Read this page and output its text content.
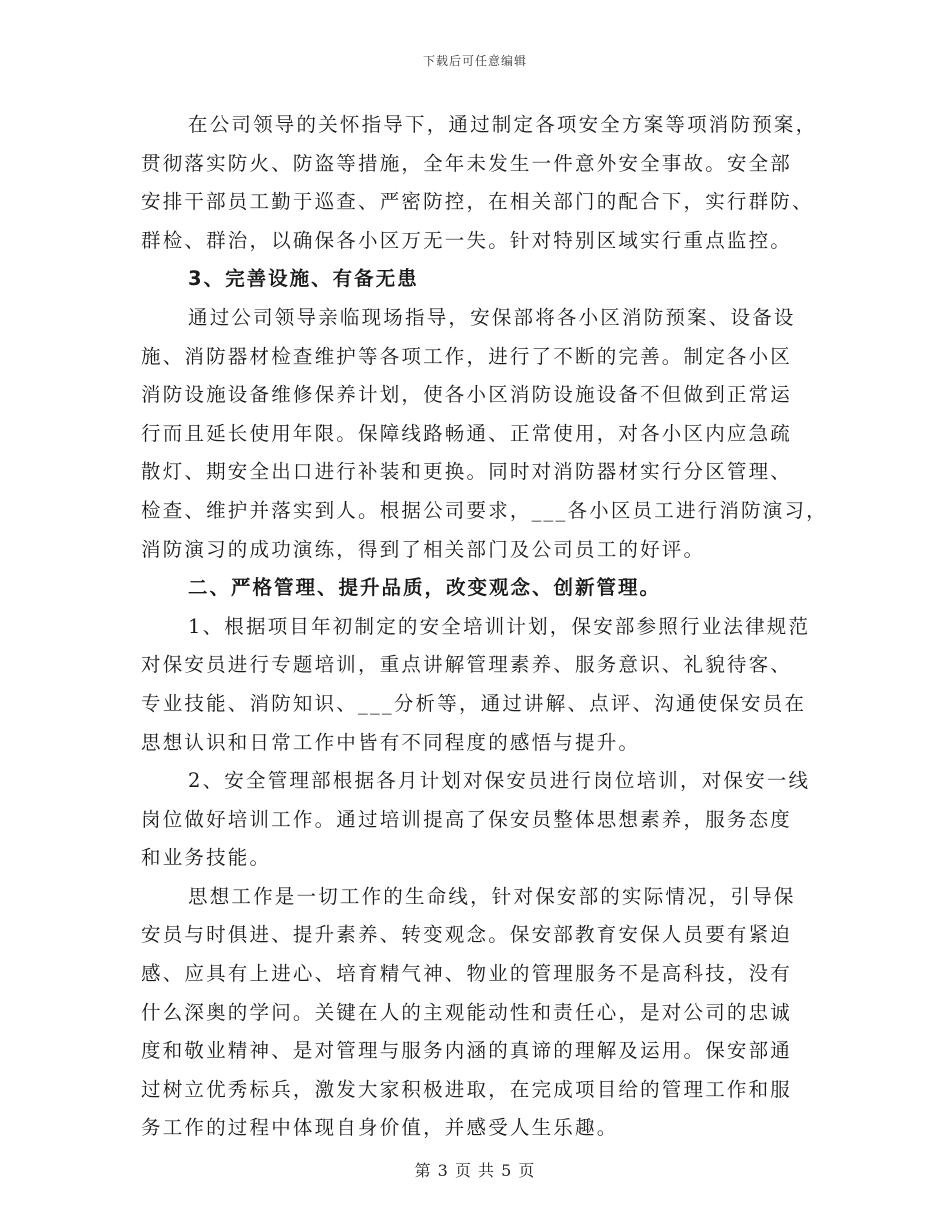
下载后可任意编辑
在公司领导的关怀指导下，通过制定各项安全方案等项消防预案，
贯彻落实防火、防盗等措施，全年未发生一件意外安全事故。安全部
安排干部员工勤于巡查、严密防控，在相关部门的配合下，实行群防、
群检、群治，以确保各小区万无一失。针对特别区域实行重点监控。
3、完善设施、有备无患
通过公司领导亲临现场指导，安保部将各小区消防预案、设备设
施、消防器材检查维护等各项工作，进行了不断的完善。制定各小区
消防设施设备维修保养计划，使各小区消防设施设备不但做到正常运
行而且延长使用年限。保障线路畅通、正常使用，对各小区内应急疏
散灯、期安全出口进行补装和更换。同时对消防器材实行分区管理、
检查、维护并落实到人。根据公司要求，___各小区员工进行消防演习，
消防演习的成功演练，得到了相关部门及公司员工的好评。
二、严格管理、提升品质，改变观念、创新管理。
1、根据项目年初制定的安全培训计划，保安部参照行业法律规范
对保安员进行专题培训，重点讲解管理素养、服务意识、礼貌待客、
专业技能、消防知识、___分析等，通过讲解、点评、沟通使保安员在
思想认识和日常工作中皆有不同程度的感悟与提升。
2、安全管理部根据各月计划对保安员进行岗位培训，对保安一线
岗位做好培训工作。通过培训提高了保安员整体思想素养，服务态度
和业务技能。
思想工作是一切工作的生命线，针对保安部的实际情况，引导保
安员与时俱进、提升素养、转变观念。保安部教育安保人员要有紧迫
感、应具有上进心、培育精气神、物业的管理服务不是高科技，没有
什么深奥的学问。关键在人的主观能动性和责任心，是对公司的忠诚
度和敬业精神、是对管理与服务内涵的真谛的理解及运用。保安部通
过树立优秀标兵，激发大家积极进取，在完成项目给的管理工作和服
务工作的过程中体现自身价值，并感受人生乐趣。
第 3 页 共 5 页
